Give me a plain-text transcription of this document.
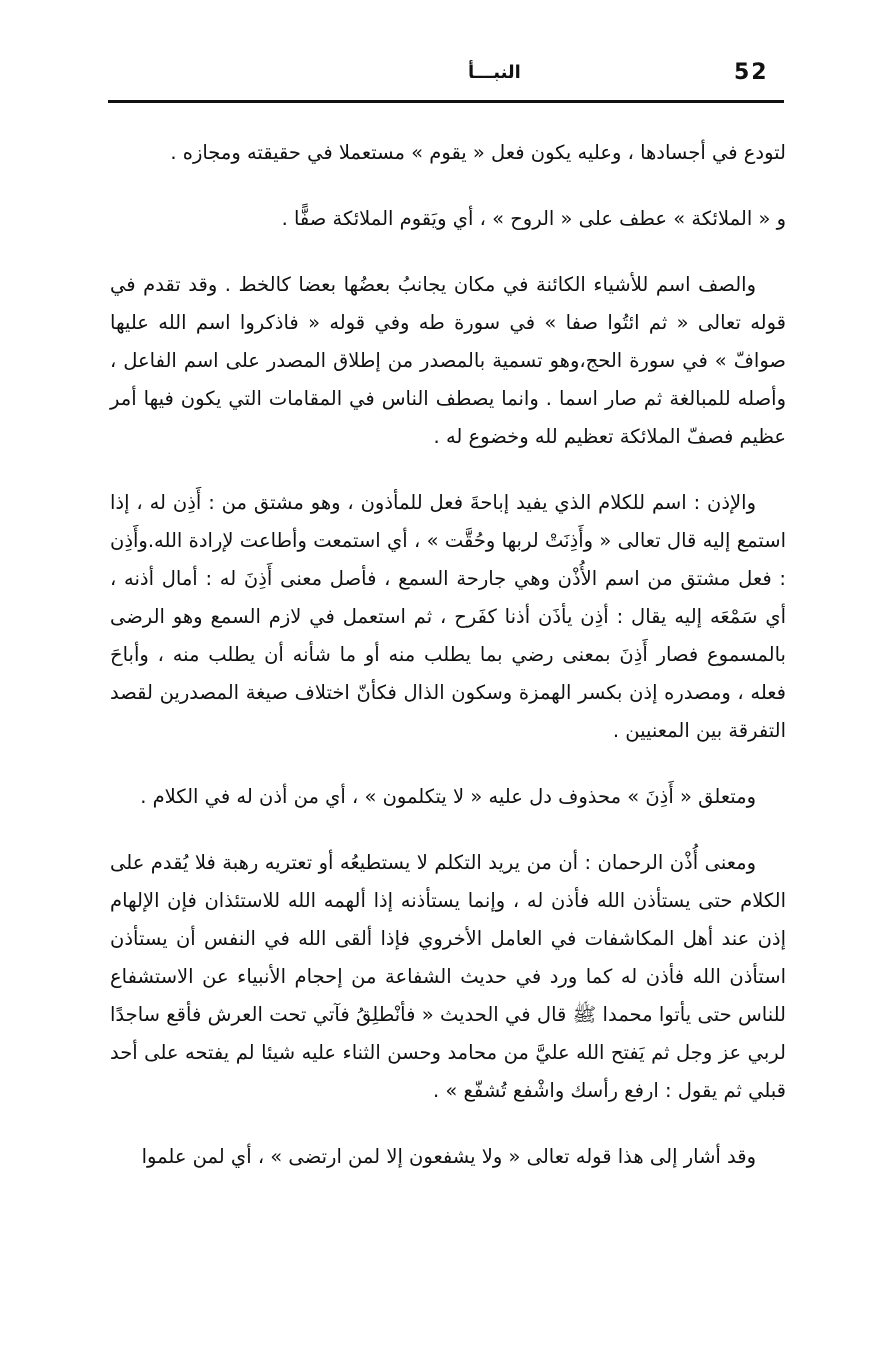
52
النبـــأ

لتودع في أجسادها ، وعليه يكون فعل « يقوم » مستعملا في حقيقته ومجازه .

و « الملائكة » عطف على « الروح » ، أي ويَقوم الملائكة صفًّا .

والصف اسم للأشياء الكائنة في مكان يجانبُ بعضُها بعضا كالخط . وقد تقدم في قوله تعالى « ثم ائتُوا صفا » في سورة طه وفي قوله « فاذكروا اسم الله عليها صوافّ » في سورة الحج،وهو تسمية بالمصدر من إطلاق المصدر على اسم الفاعل ، وأصله للمبالغة ثم صار اسما . وانما يصطف الناس في المقامات التي يكون فيها أمر عظيم فصفّ الملائكة تعظيم لله وخضوع له .

والإذن : اسم للكلام الذي يفيد إباحةَ فعل للمأذون ، وهو مشتق من : أَذِن له ، إذا استمع إليه قال تعالى « وأَذِنَتْ لربها وحُقَّت » ، أي استمعت وأطاعت لإرادة الله.وأَذِن : فعل مشتق من اسم الأُذْن وهي جارحة السمع ، فأصل معنى أَذِنَ له : أمال أذنه ، أي سَمْعَه إليه يقال : أذِن يأذَن أذنا كفَرح ، ثم استعمل في لازم السمع وهو الرضى بالمسموع فصار أَذِنَ بمعنى رضي بما يطلب منه أو ما شأنه أن يطلب منه ، وأباحَ فعله ، ومصدره إذن بكسر الهمزة وسكون الذال فكأنّ اختلاف صيغة المصدرين لقصد التفرقة بين المعنيين .

ومتعلق « أَذِنَ » محذوف دل عليه « لا يتكلمون » ، أي من أذن له في الكلام .

ومعنى أُذْن الرحمان : أن من يريد التكلم لا يستطيعُه أو تعتريه رهبة فلا يُقدم على الكلام حتى يستأذن الله فأذن له ، وإنما يستأذنه إذا ألهمه الله للاستئذان فإن الإلهام إذن عند أهل المكاشفات في العامل الأخروي فإذا ألقى الله في النفس أن يستأذن استأذن الله فأذن له كما ورد في حديث الشفاعة من إحجام الأنبياء عن الاستشفاع للناس حتى يأتوا محمدا ﷺ قال في الحديث « فأنْطلِقُ فآتي تحت العرش فأقع ساجدًا لربي عز وجل ثم يَفتح الله عليَّ من محامد وحسن الثناء عليه شيئا لم يفتحه على أحد قبلي ثم يقول : ارفع رأسك واشْفع تُشفّع » .

وقد أشار إلى هذا قوله تعالى « ولا يشفعون إلا لمن ارتضى » ، أي لمن علموا
